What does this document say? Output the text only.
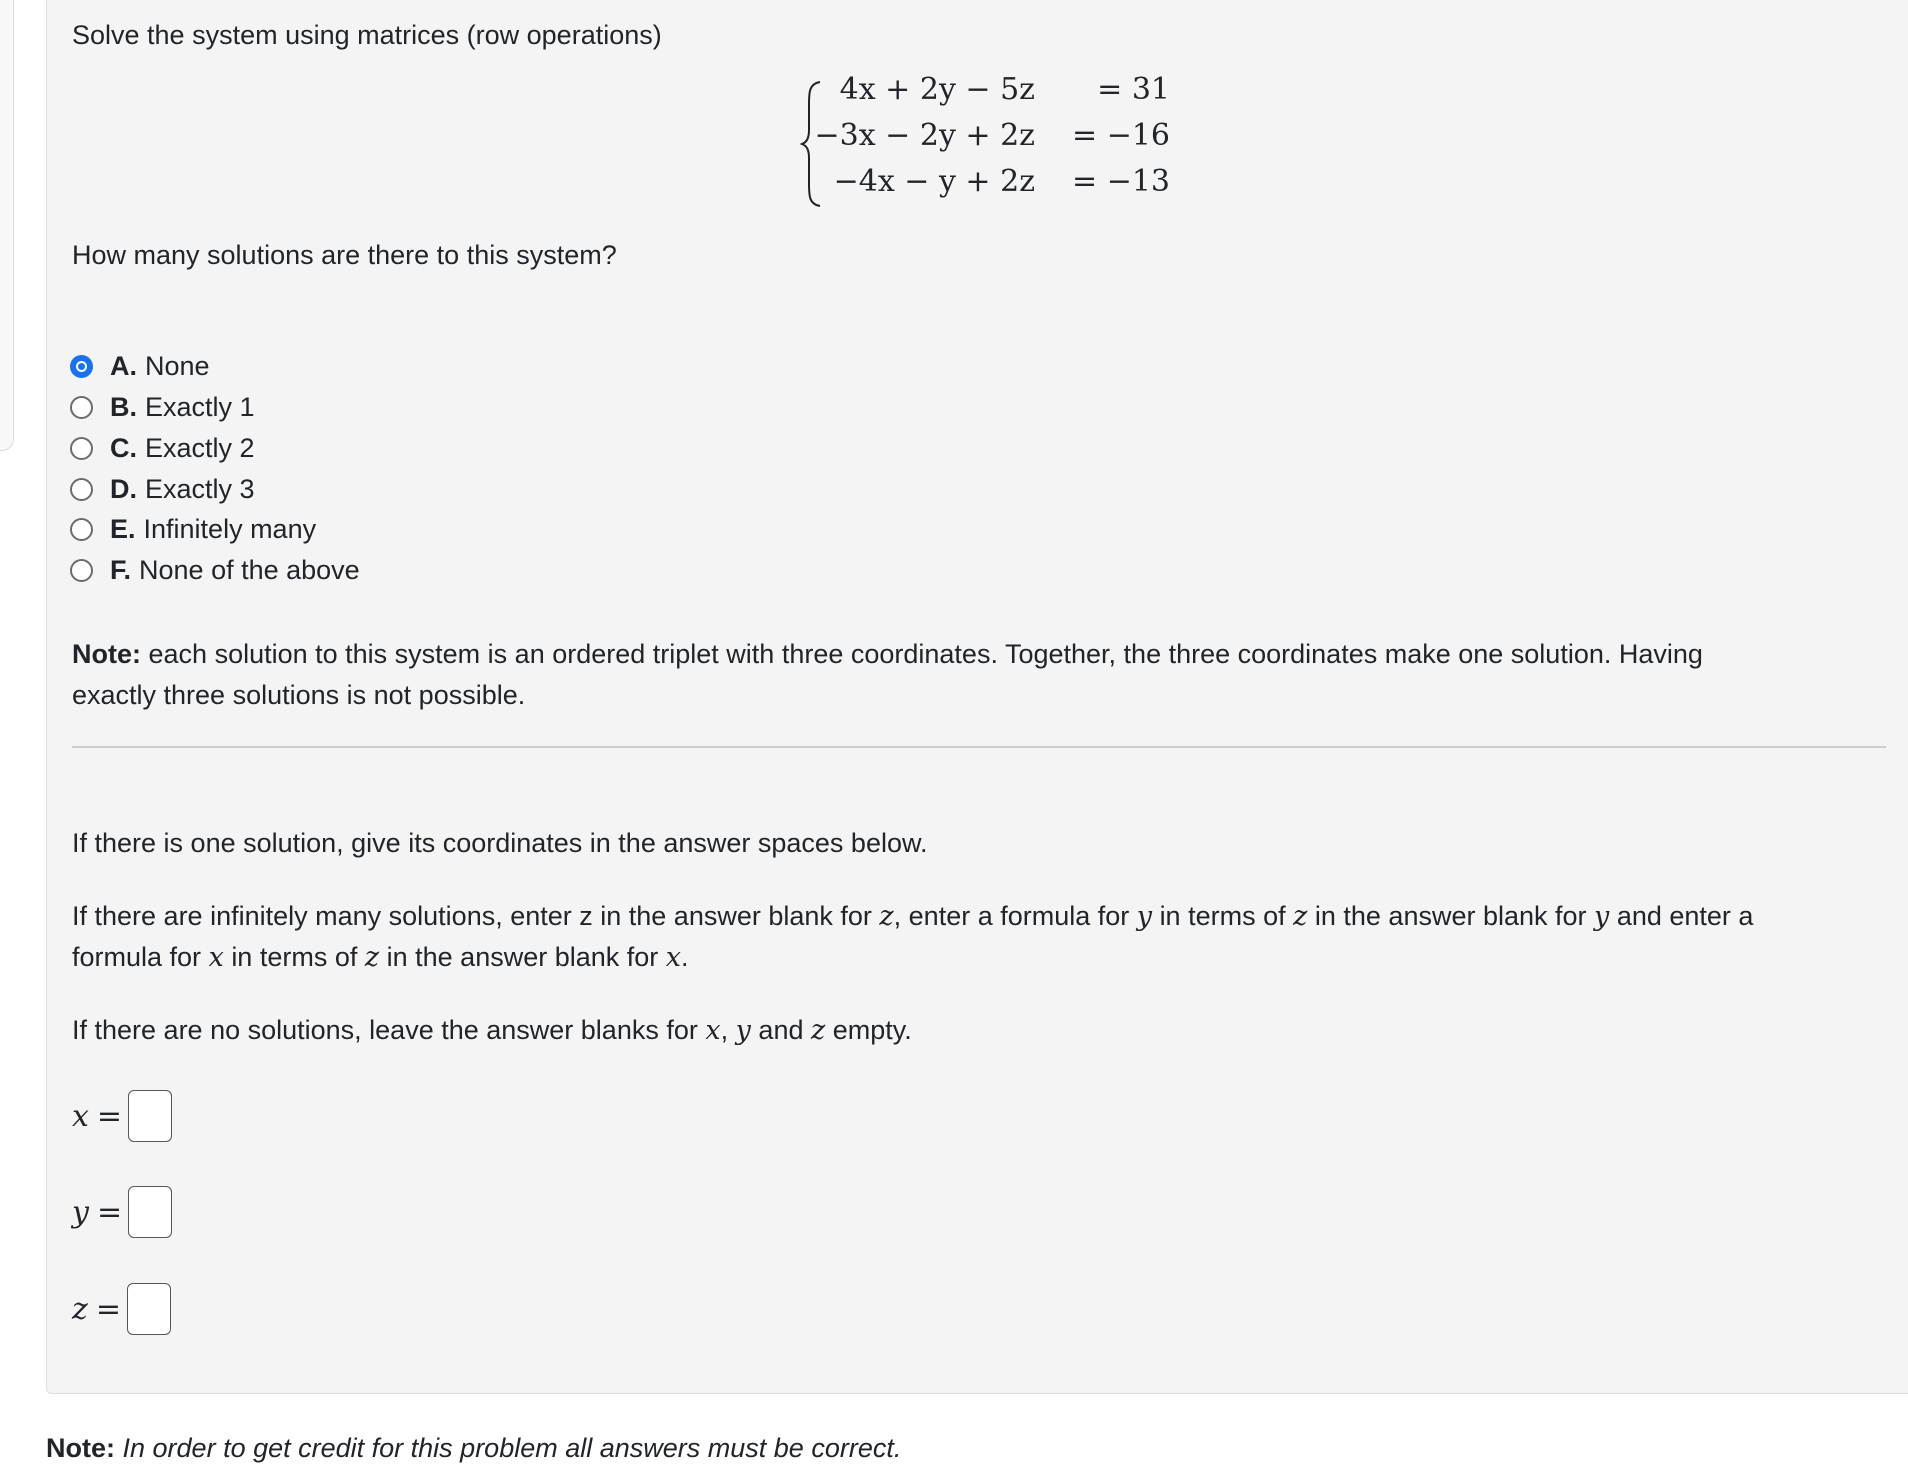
Solve the system using matrices (row operations)
4x + 2y − 5z = 31
−3x − 2y + 2z = −16
−4x − y + 2z = −13
How many solutions are there to this system?
A. None
B. Exactly 1
C. Exactly 2
D. Exactly 3
E. Infinitely many
F. None of the above
Note: each solution to this system is an ordered triplet with three coordinates. Together, the three coordinates make one solution. Having
exactly three solutions is not possible.
If there is one solution, give its coordinates in the answer spaces below.
If there are infinitely many solutions, enter z in the answer blank for z, enter a formula for y in terms of z in the answer blank for y and enter a
formula for x in terms of z in the answer blank for x.
If there are no solutions, leave the answer blanks for x, y and z empty.
x =
y =
z =
Note: In order to get credit for this problem all answers must be correct.
